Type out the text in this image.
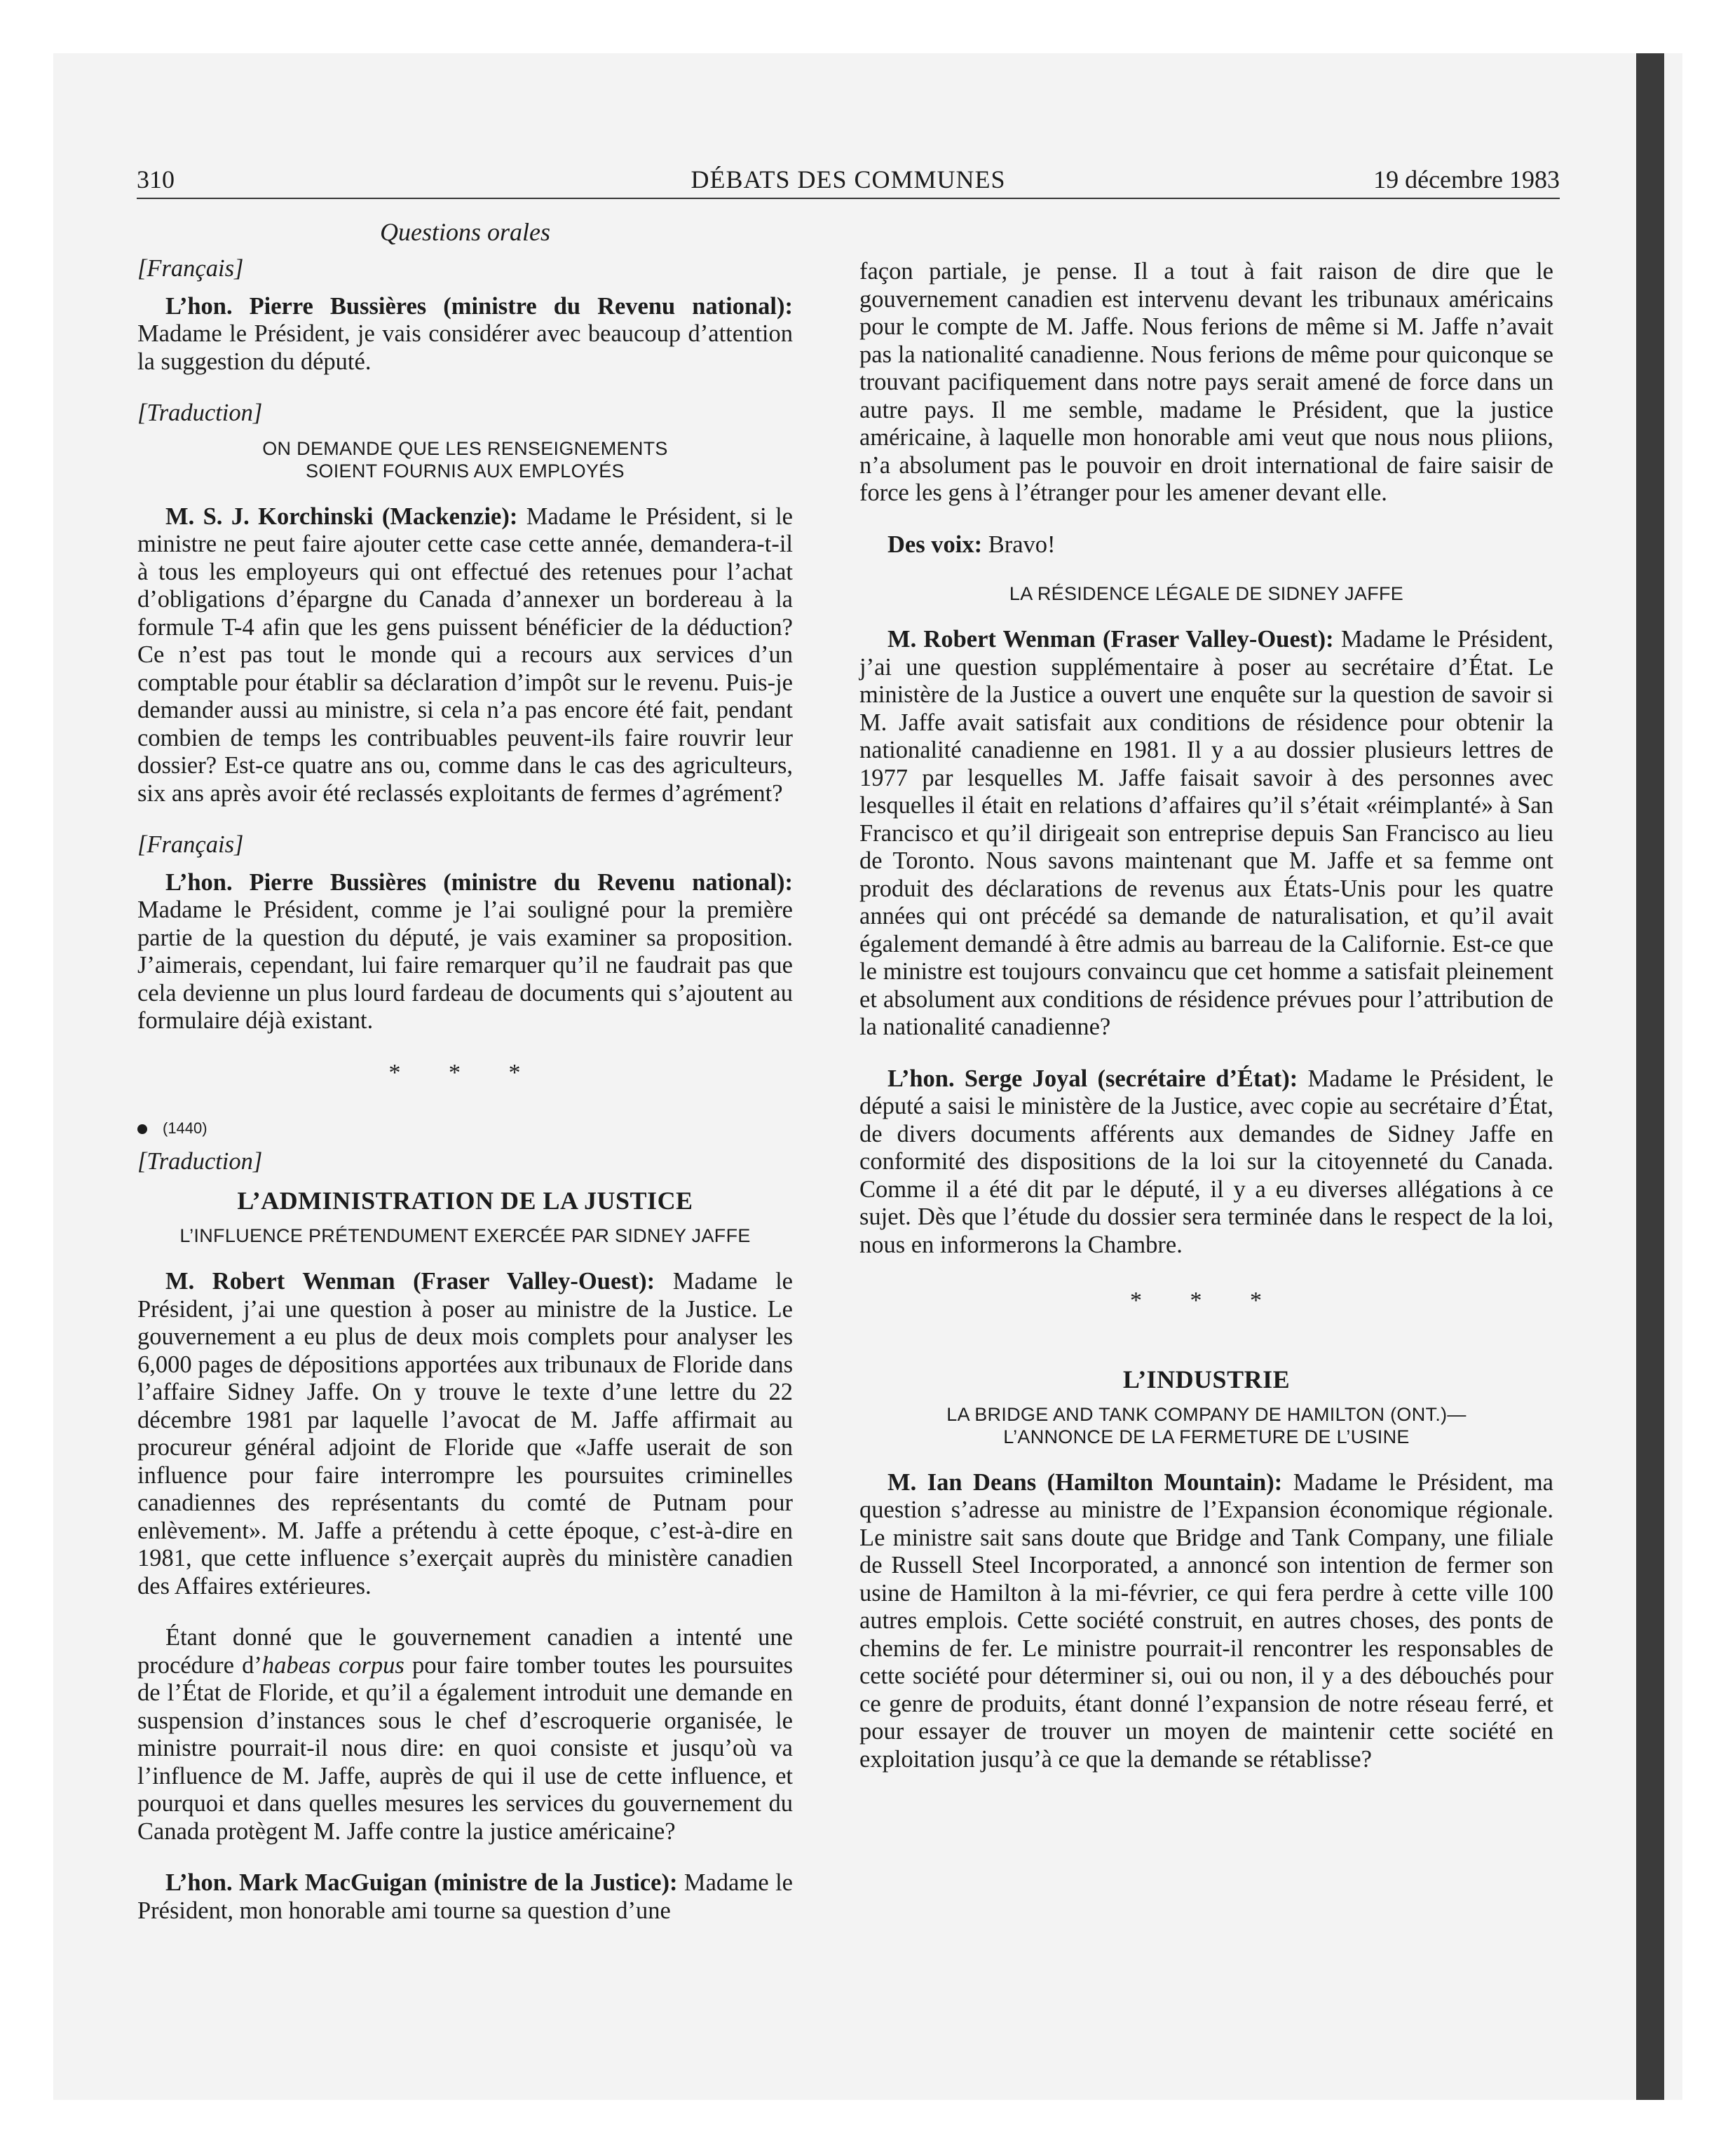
310	DÉBATS DES COMMUNES	19 décembre 1983
Questions orales
[Français]

L’hon. Pierre Bussières (ministre du Revenu national): Madame le Président, je vais considérer avec beaucoup d’attention la suggestion du député.

[Traduction]
ON DEMANDE QUE LES RENSEIGNEMENTS SOIENT FOURNIS AUX EMPLOYÉS

M. S. J. Korchinski (Mackenzie): Madame le Président, si le ministre ne peut faire ajouter cette case cette année, demandera-t-il à tous les employeurs qui ont effectué des retenues pour l’achat d’obligations d’épargne du Canada d’annexer un bordereau à la formule T-4 afin que les gens puissent bénéficier de la déduction? Ce n’est pas tout le monde qui a recours aux services d’un comptable pour établir sa déclaration d’impôt sur le revenu. Puis-je demander aussi au ministre, si cela n’a pas encore été fait, pendant combien de temps les contribuables peuvent-ils faire rouvrir leur dossier? Est-ce quatre ans ou, comme dans le cas des agriculteurs, six ans après avoir été reclassés exploitants de fermes d’agrément?

[Français]

L’hon. Pierre Bussières (ministre du Revenu national): Madame le Président, comme je l’ai souligné pour la première partie de la question du député, je vais examiner sa proposition. J’aimerais, cependant, lui faire remarquer qu’il ne faudrait pas que cela devienne un plus lourd fardeau de documents qui s’ajoutent au formulaire déjà existant.

* * *
(1440)
[Traduction]
L’ADMINISTRATION DE LA JUSTICE
L’INFLUENCE PRÉTENDUMENT EXERCÉE PAR SIDNEY JAFFE

M. Robert Wenman (Fraser Valley-Ouest): Madame le Président, j’ai une question à poser au ministre de la Justice. Le gouvernement a eu plus de deux mois complets pour analyser les 6,000 pages de dépositions apportées aux tribunaux de Floride dans l’affaire Sidney Jaffe. On y trouve le texte d’une lettre du 22 décembre 1981 par laquelle l’avocat de M. Jaffe affirmait au procureur général adjoint de Floride que «Jaffe userait de son influence pour faire interrompre les poursuites criminelles canadiennes des représentants du comté de Putnam pour enlèvement». M. Jaffe a prétendu à cette époque, c’est-à-dire en 1981, que cette influence s’exerçait auprès du ministère canadien des Affaires extérieures.

Étant donné que le gouvernement canadien a intenté une procédure d’habeas corpus pour faire tomber toutes les poursuites de l’État de Floride, et qu’il a également introduit une demande en suspension d’instances sous le chef d’escroquerie organisée, le ministre pourrait-il nous dire: en quoi consiste et jusqu’où va l’influence de M. Jaffe, auprès de qui il use de cette influence, et pourquoi et dans quelles mesures les services du gouvernement du Canada protègent M. Jaffe contre la justice américaine?

L’hon. Mark MacGuigan (ministre de la Justice): Madame le Président, mon honorable ami tourne sa question d’une

façon partiale, je pense. Il a tout à fait raison de dire que le gouvernement canadien est intervenu devant les tribunaux américains pour le compte de M. Jaffe. Nous ferions de même si M. Jaffe n’avait pas la nationalité canadienne. Nous ferions de même pour quiconque se trouvant pacifiquement dans notre pays serait amené de force dans un autre pays. Il me semble, madame le Président, que la justice américaine, à laquelle mon honorable ami veut que nous nous pliions, n’a absolument pas le pouvoir en droit international de faire saisir de force les gens à l’étranger pour les amener devant elle.

Des voix: Bravo!

LA RÉSIDENCE LÉGALE DE SIDNEY JAFFE

M. Robert Wenman (Fraser Valley-Ouest): Madame le Président, j’ai une question supplémentaire à poser au secrétaire d’État. Le ministère de la Justice a ouvert une enquête sur la question de savoir si M. Jaffe avait satisfait aux conditions de résidence pour obtenir la nationalité canadienne en 1981. Il y a au dossier plusieurs lettres de 1977 par lesquelles M. Jaffe faisait savoir à des personnes avec lesquelles il était en relations d’affaires qu’il s’était «réimplanté» à San Francisco et qu’il dirigeait son entreprise depuis San Francisco au lieu de Toronto. Nous savons maintenant que M. Jaffe et sa femme ont produit des déclarations de revenus aux États-Unis pour les quatre années qui ont précédé sa demande de naturalisation, et qu’il avait également demandé à être admis au barreau de la Californie. Est-ce que le ministre est toujours convaincu que cet homme a satisfait pleinement et absolument aux conditions de résidence prévues pour l’attribution de la nationalité canadienne?

L’hon. Serge Joyal (secrétaire d’État): Madame le Président, le député a saisi le ministère de la Justice, avec copie au secrétaire d’État, de divers documents afférents aux demandes de Sidney Jaffe en conformité des dispositions de la loi sur la citoyenneté du Canada. Comme il a été dit par le député, il y a eu diverses allégations à ce sujet. Dès que l’étude du dossier sera terminée dans le respect de la loi, nous en informerons la Chambre.

* * *
L’INDUSTRIE
LA BRIDGE AND TANK COMPANY DE HAMILTON (ONT.)— L’ANNONCE DE LA FERMETURE DE L’USINE

M. Ian Deans (Hamilton Mountain): Madame le Président, ma question s’adresse au ministre de l’Expansion économique régionale. Le ministre sait sans doute que Bridge and Tank Company, une filiale de Russell Steel Incorporated, a annoncé son intention de fermer son usine de Hamilton à la mi-février, ce qui fera perdre à cette ville 100 autres emplois. Cette société construit, en autres choses, des ponts de chemins de fer. Le ministre pourrait-il rencontrer les responsables de cette société pour déterminer si, oui ou non, il y a des débouchés pour ce genre de produits, étant donné l’expansion de notre réseau ferré, et pour essayer de trouver un moyen de maintenir cette société en exploitation jusqu’à ce que la demande se rétablisse?
